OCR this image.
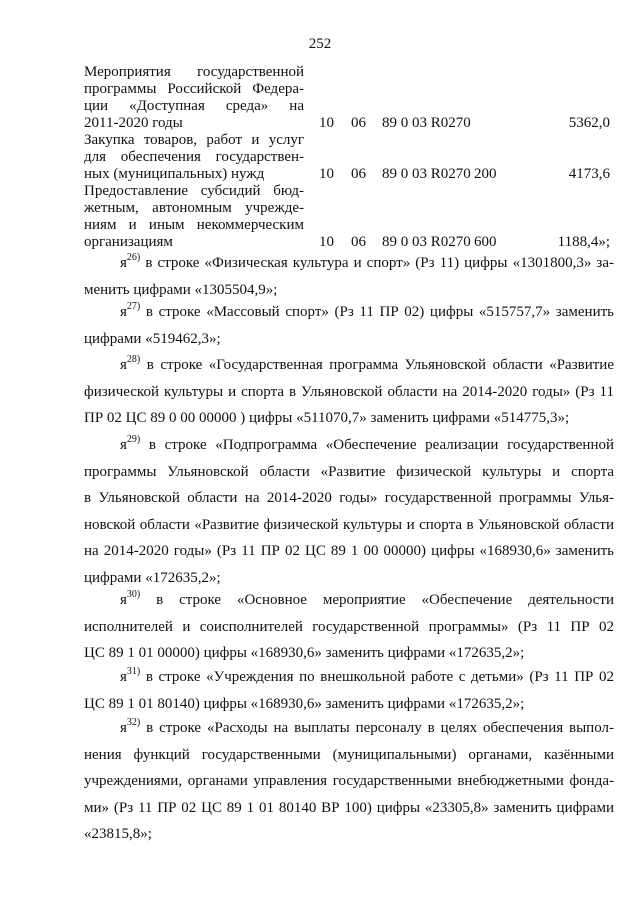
252
Мероприятия государственной
программы Российской Федера-
ции «Доступная среда» на
2011-2020 годы	10 06 89 0 03 R0270	5362,0
Закупка товаров, работ и услуг
для обеспечения государствен-
ных (муниципальных) нужд	10 06 89 0 03 R0270 200	4173,6
Предоставление субсидий бюд-
жетным, автономным учрежде-
ниям и иным некоммерческим
организациям	10 06 89 0 03 R0270 600	1188,4»;
$я^{26)}$ в строке «Физическая культура и спорт» (Рз 11) цифры «1301800,3» за-
менить цифрами «1305504,9»;
$я^{27)}$ в строке «Массовый спорт» (Рз 11 ПР 02) цифры «515757,7» заменить
цифрами «519462,3»;
$я^{28)}$ в строке «Государственная программа Ульяновской области «Развитие
физической культуры и спорта в Ульяновской области на 2014-2020 годы» (Рз 11
ПР 02 ЦС 89 0 00 00000 ) цифры «511070,7» заменить цифрами «514775,3»;
$я^{29)}$ в строке «Подпрограмма «Обеспечение реализации государственной
программы Ульяновской области «Развитие физической культуры и спорта
в Ульяновской области на 2014-2020 годы» государственной программы Улья-
новской области «Развитие физической культуры и спорта в Ульяновской области
на 2014-2020 годы» (Рз 11 ПР 02 ЦС 89 1 00 00000) цифры «168930,6» заменить
цифрами «172635,2»;
$я^{30)}$ в строке «Основное мероприятие «Обеспечение деятельности
исполнителей и соисполнителей государственной программы» (Рз 11 ПР 02
ЦС 89 1 01 00000) цифры «168930,6» заменить цифрами «172635,2»;
$я^{31)}$ в строке «Учреждения по внешкольной работе с детьми» (Рз 11 ПР 02
ЦС 89 1 01 80140) цифры «168930,6» заменить цифрами «172635,2»;
$я^{32)}$ в строке «Расходы на выплаты персоналу в целях обеспечения выпол-
нения функций государственными (муниципальными) органами, казёнными
учреждениями, органами управления государственными внебюджетными фонда-
ми» (Рз 11 ПР 02 ЦС 89 1 01 80140 ВР 100) цифры «23305,8» заменить цифрами
«23815,8»;
